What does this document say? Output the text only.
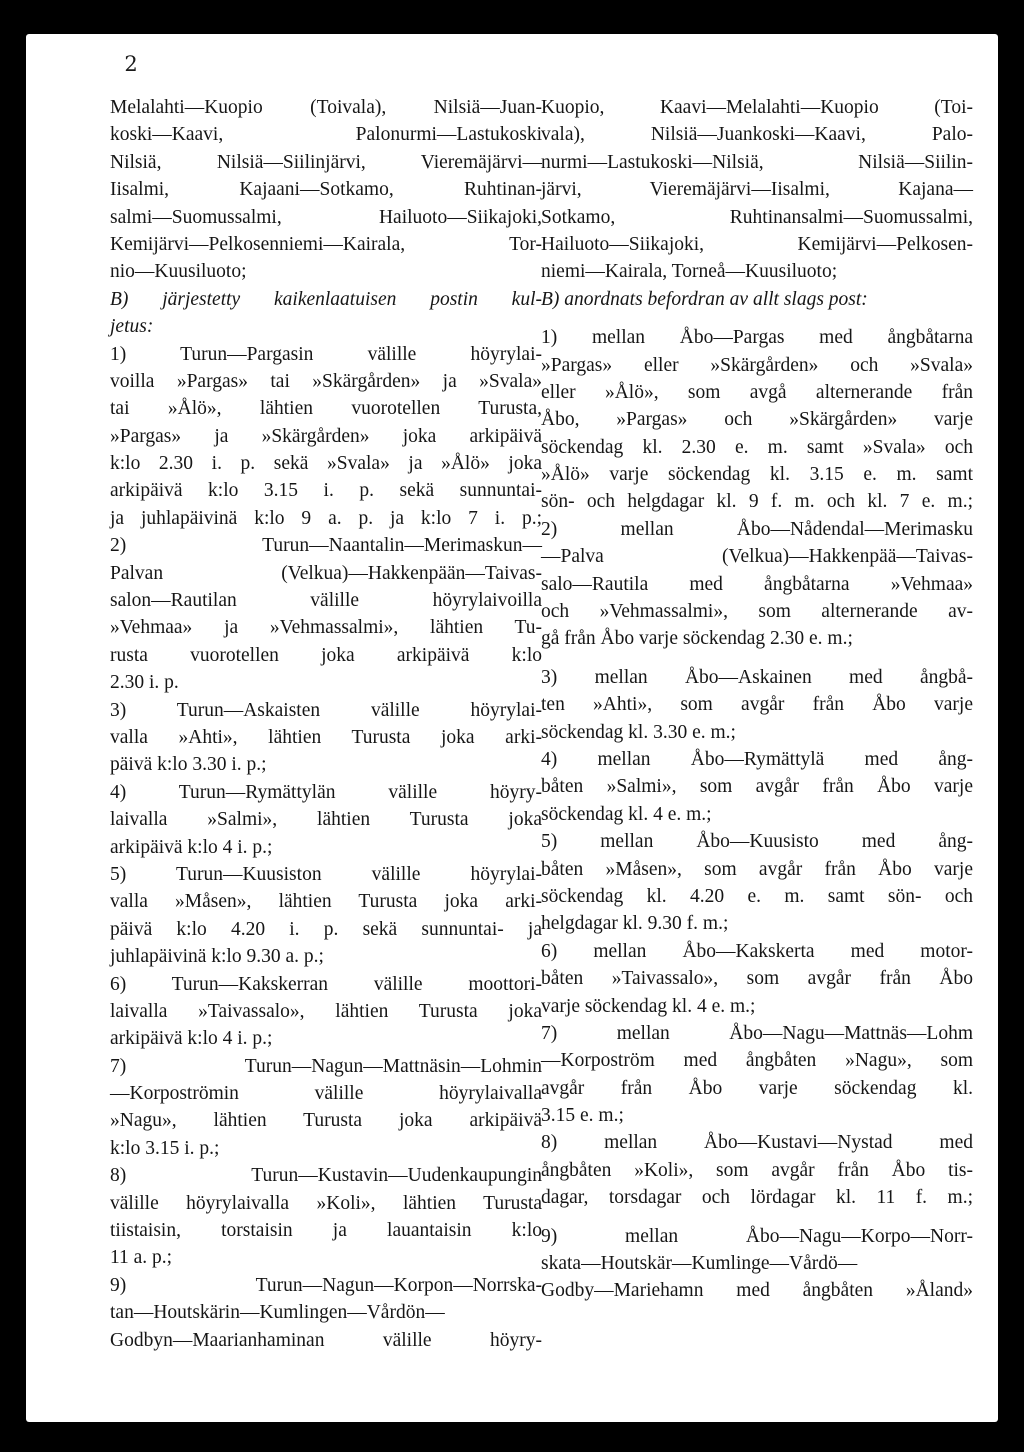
2
Melalahti—Kuopio (Toivala), Nilsiä—Juan-
koski—Kaavi, Palonurmi—Lastukoski
Nilsiä, Nilsiä—Siilinjärvi, Vieremäjärvi—
Iisalmi, Kajaani—Sotkamo, Ruhtinan-
salmi—Suomussalmi, Hailuoto—Siikajoki,
Kemijärvi—Pelkosenniemi—Kairala, Tor-
nio—Kuusiluoto;
B) järjestetty kaikenlaatuisen postin kul-
jetus:
1) Turun—Pargasin välille höyrylai-
voilla »Pargas» tai »Skärgården» ja »Svala»
tai »Ålö», lähtien vuorotellen Turusta,
»Pargas» ja »Skärgården» joka arkipäivä
k:lo 2.30 i. p. sekä »Svala» ja »Ålö» joka
arkipäivä k:lo 3.15 i. p. sekä sunnuntai-
ja juhlapäivinä k:lo 9 a. p. ja k:lo 7 i. p.;
2) Turun—Naantalin—Merimaskun—
Palvan (Velkua)—Hakkenpään—Taivas-
salon—Rautilan välille höyrylaivoilla
»Vehmaa» ja »Vehmassalmi», lähtien Tu-
rusta vuorotellen joka arkipäivä k:lo
2.30 i. p.
3) Turun—Askaisten välille höyrylai-
valla »Ahti», lähtien Turusta joka arki-
päivä k:lo 3.30 i. p.;
4) Turun—Rymättylän välille höyry-
laivalla »Salmi», lähtien Turusta joka
arkipäivä k:lo 4 i. p.;
5) Turun—Kuusiston välille höyrylai-
valla »Måsen», lähtien Turusta joka arki-
päivä k:lo 4.20 i. p. sekä sunnuntai- ja
juhlapäivinä k:lo 9.30 a. p.;
6) Turun—Kakskerran välille moottori-
laivalla »Taivassalo», lähtien Turusta joka
arkipäivä k:lo 4 i. p.;
7) Turun—Nagun—Mattnäsin—Lohmin
—Korpoströmin välille höyrylaivalla
»Nagu», lähtien Turusta joka arkipäivä
k:lo 3.15 i. p.;
8) Turun—Kustavin—Uudenkaupungin
välille höyrylaivalla »Koli», lähtien Turusta
tiistaisin, torstaisin ja lauantaisin k:lo
11 a. p.;
9) Turun—Nagun—Korpon—Norrska-
tan—Houtskärin—Kumlingen—Vårdön—
Godbyn—Maarianhaminan välille höyry-
Kuopio, Kaavi—Melalahti—Kuopio (Toi-
vala), Nilsiä—Juankoski—Kaavi, Palo-
nurmi—Lastukoski—Nilsiä, Nilsiä—Siilin-
järvi, Vieremäjärvi—Iisalmi, Kajana—
Sotkamo, Ruhtinansalmi—Suomussalmi,
Hailuoto—Siikajoki, Kemijärvi—Pelkosen-
niemi—Kairala, Torneå—Kuusiluoto;
B) anordnats befordran av allt slags post:
1) mellan Åbo—Pargas med ångbåtarna
»Pargas» eller »Skärgården» och »Svala»
eller »Ålö», som avgå alternerande från
Åbo, »Pargas» och »Skärgården» varje
söckendag kl. 2.30 e. m. samt »Svala» och
»Ålö» varje söckendag kl. 3.15 e. m. samt
sön- och helgdagar kl. 9 f. m. och kl. 7 e. m.;
2) mellan Åbo—Nådendal—Merimasku
—Palva (Velkua)—Hakkenpää—Taivas-
salo—Rautila med ångbåtarna »Vehmaa»
och »Vehmassalmi», som alternerande av-
gå från Åbo varje söckendag 2.30 e. m.;
3) mellan Åbo—Askainen med ångbå-
ten »Ahti», som avgår från Åbo varje
söckendag kl. 3.30 e. m.;
4) mellan Åbo—Rymättylä med ång-
båten »Salmi», som avgår från Åbo varje
söckendag kl. 4 e. m.;
5) mellan Åbo—Kuusisto med ång-
båten »Måsen», som avgår från Åbo varje
söckendag kl. 4.20 e. m. samt sön- och
helgdagar kl. 9.30 f. m.;
6) mellan Åbo—Kakskerta med motor-
båten »Taivassalo», som avgår från Åbo
varje söckendag kl. 4 e. m.;
7) mellan Åbo—Nagu—Mattnäs—Lohm
—Korpoström med ångbåten »Nagu», som
avgår från Åbo varje söckendag kl.
3.15 e. m.;
8) mellan Åbo—Kustavi—Nystad med
ångbåten »Koli», som avgår från Åbo tis-
dagar, torsdagar och lördagar kl. 11 f. m.;
9) mellan Åbo—Nagu—Korpo—Norr-
skata—Houtskär—Kumlinge—Vårdö—
Godby—Mariehamn med ångbåten »Åland»
